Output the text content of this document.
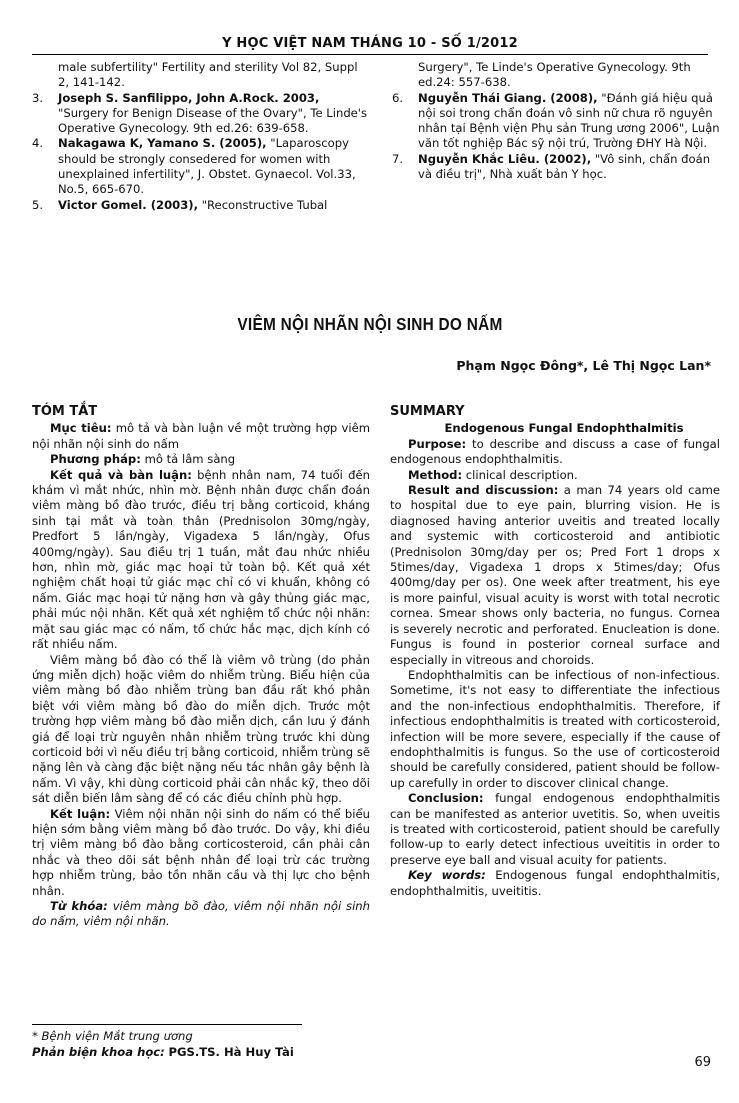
Y HỌC VIỆT NAM THÁNG 10 - SỐ 1/2012
male subfertility" Fertility and sterility Vol 82, Suppl 2, 141-142.
3.	Joseph S. Sanfilippo, John A.Rock. 2003, "Surgery for Benign Disease of the Ovary", Te Linde's Operative Gynecology. 9th ed.26: 639-658.
4.	Nakagawa K, Yamano S. (2005), "Laparoscopy should be strongly consedered for women with unexplained infertility", J. Obstet. Gynaecol. Vol.33, No.5, 665-670.
5.	Victor Gomel. (2003), "Reconstructive Tubal
Surgery", Te Linde's Operative Gynecology. 9th ed.24: 557-638.
6.	Nguyễn Thái Giang. (2008), "Đánh giá hiệu quả nội soi trong chẩn đoán vô sinh nữ chưa rõ nguyên nhân tại Bệnh viện Phụ sản Trung ương 2006", Luận văn tốt nghiệp Bác sỹ nội trú, Trường ĐHY Hà Nội.
7.	Nguyễn Khắc Liêu. (2002), "Vô sinh, chẩn đoán và điều trị", Nhà xuất bản Y học.
VIÊM NỘI NHÃN NỘI SINH DO NẤM
Phạm Ngọc Đông*, Lê Thị Ngọc Lan*
TÓM TẮT

Mục tiêu: mô tả và bàn luận về một trường hợp viêm nội nhãn nội sinh do nấm

Phương pháp: mô tả lâm sàng

Kết quả và bàn luận: bệnh nhân nam, 74 tuổi đến khám vì mắt nhức, nhìn mờ. Bệnh nhân được chẩn đoán viêm màng bồ đào trước, điều trị bằng corticoid, kháng sinh tại mắt và toàn thân (Prednisolon 30mg/ngày, Predfort 5 lần/ngày, Vigadexa 5 lần/ngày, Ofus 400mg/ngày). Sau điều trị 1 tuần, mắt đau nhức nhiều hơn, nhìn mờ, giác mạc hoại tử toàn bộ. Kết quả xét nghiệm chất hoại tử giác mạc chỉ có vi khuẩn, không có nấm. Giác mạc hoại tử nặng hơn và gây thủng giác mạc, phải múc nội nhãn. Kết quả xét nghiệm tổ chức nội nhãn: mặt sau giác mạc có nấm, tổ chức hắc mạc, dịch kính có rất nhiều nấm.

Viêm màng bồ đào có thể là viêm vô trùng (do phản ứng miễn dịch) hoặc viêm do nhiễm trùng. Biểu hiện của viêm màng bồ đào nhiễm trùng ban đầu rất khó phân biệt với viêm màng bồ đào do miễn dịch. Trước một trường hợp viêm màng bồ đào miễn dịch, cần lưu ý đánh giá để loại trừ nguyên nhân nhiễm trùng trước khi dùng corticoid bởi vì nếu điều trị bằng corticoid, nhiễm trùng sẽ nặng lên và càng đặc biệt nặng nếu tác nhân gây bệnh là nấm. Vì vậy, khi dùng corticoid phải cân nhắc kỹ, theo dõi sát diễn biến lâm sàng để có các điều chỉnh phù hợp.

Kết luận: Viêm nội nhãn nội sinh do nấm có thể biểu hiện sớm bằng viêm màng bồ đào trước. Do vậy, khi điều trị viêm màng bồ đào bằng corticosteroid, cần phải cân nhắc và theo dõi sát bệnh nhân để loại trừ các trường hợp nhiễm trùng, bảo tồn nhãn cầu và thị lực cho bệnh nhân.

Từ khóa: viêm màng bồ đào, viêm nội nhãn nội sinh do nấm, viêm nội nhãn.

SUMMARY

Endogenous Fungal Endophthalmitis

Purpose: to describe and discuss a case of fungal endogenous endophthalmitis.

Method: clinical description.

Result and discussion: a man 74 years old came to hospital due to eye pain, blurring vision. He is diagnosed having anterior uveitis and treated locally and systemic with corticosteroid and antibiotic (Prednisolon 30mg/day per os; Pred Fort 1 drops x 5times/day, Vigadexa 1 drops x 5times/day; Ofus 400mg/day per os). One week after treatment, his eye is more painful, visual acuity is worst with total necrotic cornea. Smear shows only bacteria, no fungus. Cornea is severely necrotic and perforated. Enucleation is done. Fungus is found in posterior corneal surface and especially in vitreous and choroids.

Endophthalmitis can be infectious of non-infectious. Sometime, it's not easy to differentiate the infectious and the non-infectious endophthalmitis. Therefore, if infectious endophthalmitis is treated with corticosteroid, infection will be more severe, especially if the cause of endophthalmitis is fungus. So the use of corticosteroid should be carefully considered, patient should be follow-up carefully in order to discover clinical change.

Conclusion: fungal endogenous endophthalmitis can be manifested as anterior uvetitis. So, when uveitis is treated with corticosteroid, patient should be carefully follow-up to early detect infectious uveititis in order to preserve eye ball and visual acuity for patients.

Key words: Endogenous fungal endophthalmitis, endophthalmitis, uveititis.

* Bệnh viện Mắt trung ương
Phản biện khoa học: PGS.TS. Hà Huy Tài
69
